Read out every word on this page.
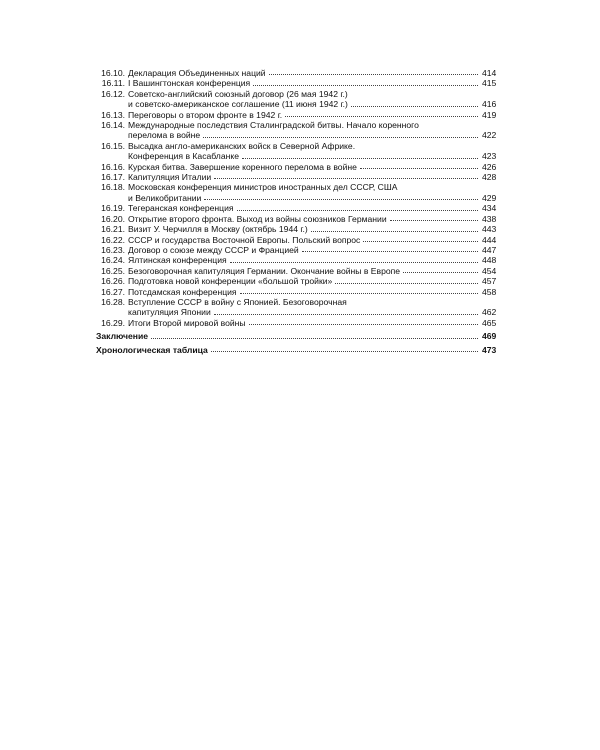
16.10. Декларация Объединенных наций	414
16.11. I Вашингтонская конференция	415
16.12. Советско-английский союзный договор (26 мая 1942 г.)
и советско-американское соглашение (11 июня 1942 г.)	416
16.13. Переговоры о втором фронте в 1942 г.	419
16.14. Международные последствия Сталинградской битвы. Начало коренного
перелома в войне	422
16.15. Высадка англо-американских войск в Северной Африке.
Конференция в Касабланке	423
16.16. Курская битва. Завершение коренного перелома в войне	426
16.17. Капитуляция Италии	428
16.18. Московская конференция министров иностранных дел СССР, США
и Великобритании	429
16.19. Тегеранская конференция	434
16.20. Открытие второго фронта. Выход из войны союзников Германии	438
16.21. Визит У. Черчилля в Москву (октябрь 1944 г.)	443
16.22. СССР и государства Восточной Европы. Польский вопрос	444
16.23. Договор о союзе между СССР и Францией	447
16.24. Ялтинская конференция	448
16.25. Безоговорочная капитуляция Германии. Окончание войны в Европе	454
16.26. Подготовка новой конференции «большой тройки»	457
16.27. Потсдамская конференция	458
16.28. Вступление СССР в войну с Японией. Безоговорочная
капитуляция Японии	462
16.29. Итоги Второй мировой войны	465
Заключение	469
Хронологическая таблица	473
